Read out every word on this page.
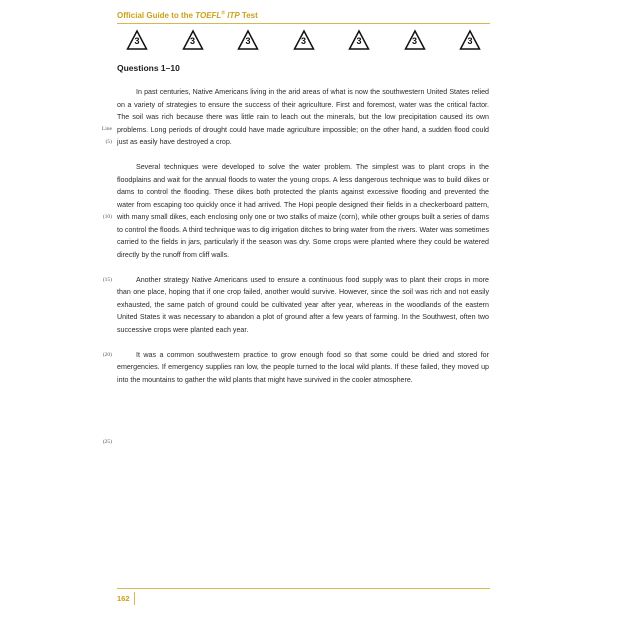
Official Guide to the TOEFL® ITP Test
3	3	3	3	3	3	3
Questions 1–10

In past centuries, Native Americans living in the arid areas of what is now the southwestern United States relied on a variety of strategies to ensure the success of their agriculture. First and foremost, water was the critical factor. The soil was rich because there was little rain to leach out the minerals, but the low precipitation caused its own problems. Long periods of drought could have made agriculture impossible; on the other hand, a sudden flood could just as easily have destroyed a crop.

Several techniques were developed to solve the water problem. The simplest was to plant crops in the floodplains and wait for the annual floods to water the young crops. A less dangerous technique was to build dikes or dams to control the flooding. These dikes both protected the plants against excessive flooding and prevented the water from escaping too quickly once it had arrived. The Hopi people designed their fields in a checkerboard pattern, with many small dikes, each enclosing only one or two stalks of maize (corn), while other groups built a series of dams to control the floods. A third technique was to dig irrigation ditches to bring water from the rivers. Water was sometimes carried to the fields in jars, particularly if the season was dry. Some crops were planted where they could be watered directly by the runoff from cliff walls.

Another strategy Native Americans used to ensure a continuous food supply was to plant their crops in more than one place, hoping that if one crop failed, another would survive. However, since the soil was rich and not easily exhausted, the same patch of ground could be cultivated year after year, whereas in the woodlands of the eastern United States it was necessary to abandon a plot of ground after a few years of farming. In the Southwest, often two successive crops were planted each year.

It was a common southwestern practice to grow enough food so that some could be dried and stored for emergencies. If emergency supplies ran low, the people turned to the local wild plants. If these failed, they moved up into the mountains to gather the wild plants that might have survived in the cooler atmosphere.

Line
(5)
(10)
(15)
(20)
(25)
162
